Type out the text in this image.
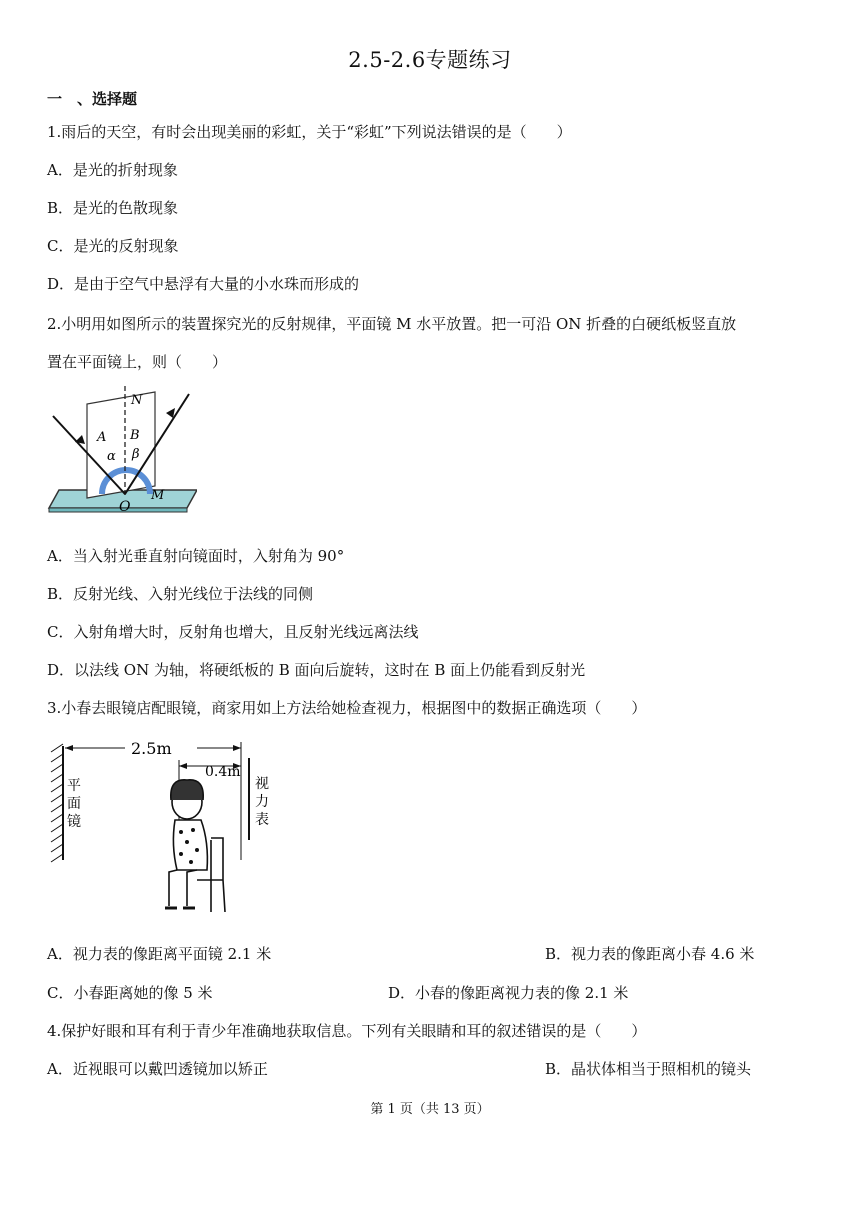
2.5-2.6专题练习
一　、选择题
1.雨后的天空，有时会出现美丽的彩虹，关于“彩虹”下列说法错误的是（　　）
A．是光的折射现象
B．是光的色散现象
C．是光的反射现象
D．是由于空气中悬浮有大量的小水珠而形成的
2.小明用如图所示的装置探究光的反射规律，平面镜 M 水平放置。把一可沿 ON 折叠的白硬纸板竖直放
置在平面镜上，则（　　）
N
A B
α β
O
M
A．当入射光垂直射向镜面时，入射角为 90°
B．反射光线、入射光线位于法线的同侧
C．入射角增大时，反射角也增大，且反射光线远离法线
D．以法线 ON 为轴，将硬纸板的 B 面向后旋转，这时在 B 面上仍能看到反射光
3.小春去眼镜店配眼镜，商家用如上方法给她检查视力，根据图中的数据正确选项（　　）
2.5m
0.4m
平面镜
视力表
A．视力表的像距离平面镜 2.1 米	B．视力表的像距离小春 4.6 米
C．小春距离她的像 5 米	D．小春的像距离视力表的像 2.1 米
4.保护好眼和耳有利于青少年准确地获取信息。下列有关眼睛和耳的叙述错误的是（　　）
A．近视眼可以戴凹透镜加以矫正	B．晶状体相当于照相机的镜头
第 1 页（共 13 页）
